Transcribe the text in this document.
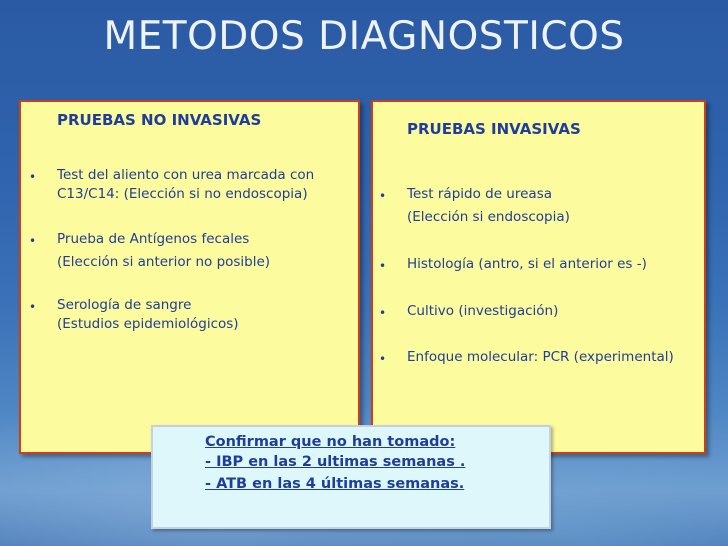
METODOS DIAGNOSTICOS
PRUEBAS NO INVASIVAS
• Test del aliento con urea marcada con
C13/C14: (Elección si no endoscopia)
• Prueba de Antígenos fecales
(Elección si anterior no posible)
• Serología de sangre
(Estudios epidemiológicos)
PRUEBAS INVASIVAS
• Test rápido de ureasa
(Elección si endoscopia)
• Histología (antro, si el anterior es -)
• Cultivo (investigación)
• Enfoque molecular: PCR (experimental)
Confirmar que no han tomado:
- IBP en las 2 ultimas semanas .
- ATB en las 4 últimas semanas.
